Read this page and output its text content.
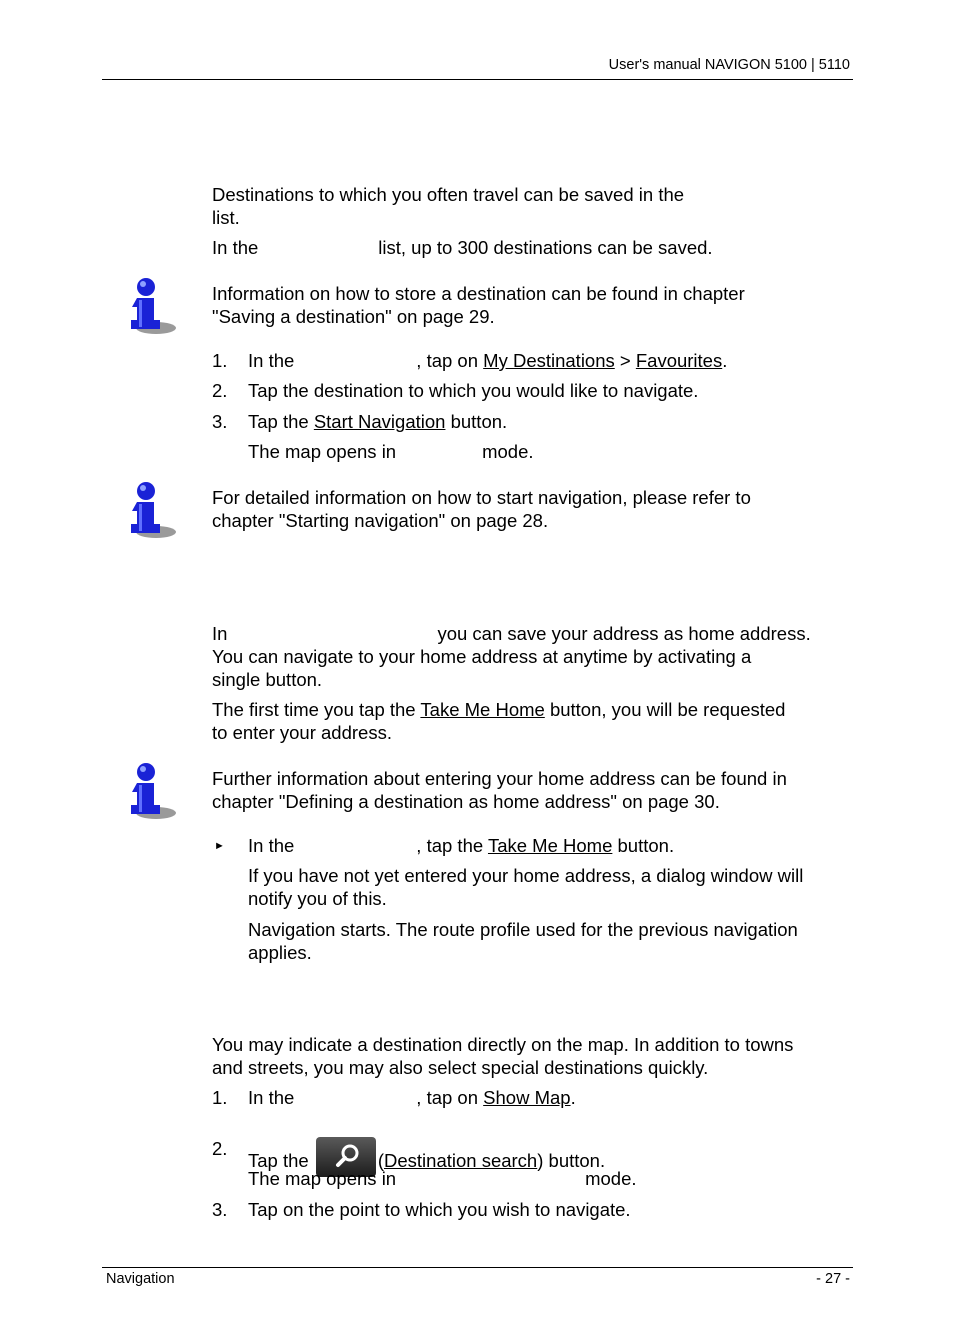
User's manual NAVIGON 5100 | 5110
Destinations to which you often travel can be saved in the
list.
In the	list, up to 300 destinations can be saved.
Information on how to store a destination can be found in chapter
"Saving a destination" on page 29.
1. In the	, tap on My Destinations > Favourites.
2. Tap the destination to which you would like to navigate.
3. Tap the Start Navigation button.
The map opens in	mode.
For detailed information on how to start navigation, please refer to
chapter "Starting navigation" on page 28.
In	you can save your address as home address.
You can navigate to your home address at anytime by activating a
single button.
The first time you tap the Take Me Home button, you will be requested
to enter your address.
Further information about entering your home address can be found in
chapter "Defining a destination as home address" on page 30.
► In the	, tap the Take Me Home button.
If you have not yet entered your home address, a dialog window will
notify you of this.
Navigation starts. The route profile used for the previous navigation
applies.
You may indicate a destination directly on the map. In addition to towns
and streets, you may also select special destinations quickly.
1. In the	, tap on Show Map.
2.
Tap the	(Destination search) button.
The map opens in	mode.
3. Tap on the point to which you wish to navigate.
Navigation	- 27 -
